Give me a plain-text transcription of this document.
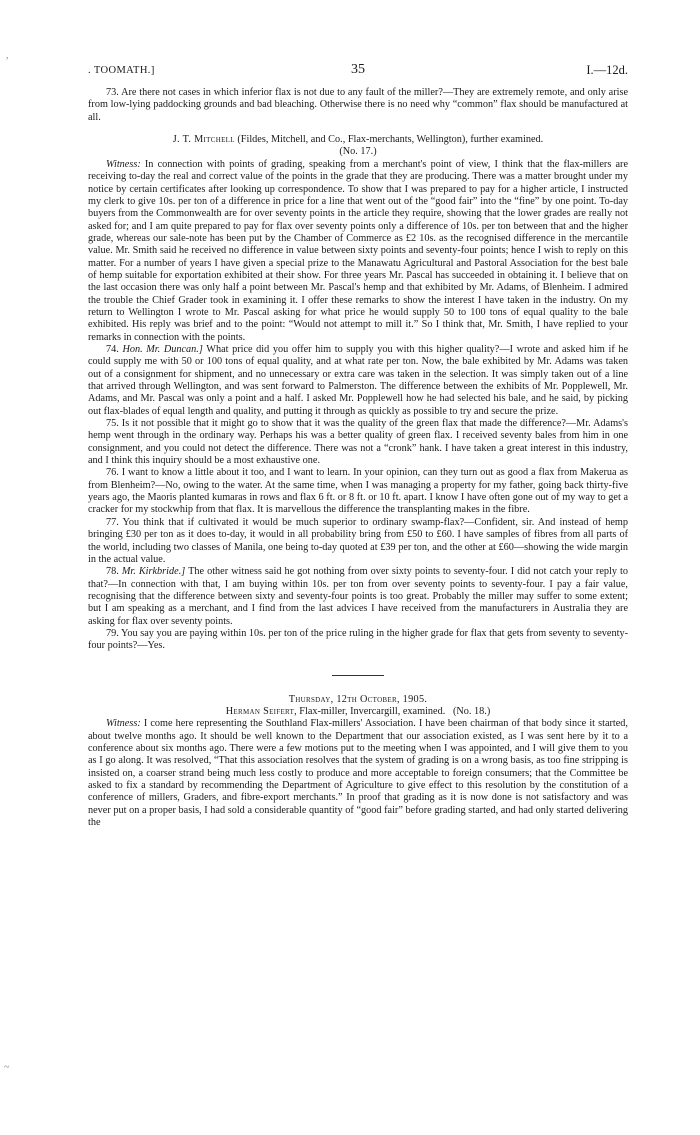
,
~
. TOOMATH.]	35	I.—12d.

73. Are there not cases in which inferior flax is not due to any fault of the miller?—They are extremely remote, and only arise from low-lying paddocking grounds and bad bleaching. Otherwise there is no need why “common” flax should be manufactured at all.

J. T. Mitchell (Fildes, Mitchell, and Co., Flax-merchants, Wellington), further examined.

(No. 17.)

Witness: In connection with points of grading, speaking from a merchant's point of view, I think that the flax-millers are receiving to-day the real and correct value of the points in the grade that they are producing. There was a matter brought under my notice by certain certificates after looking up correspondence. To show that I was prepared to pay for a higher article, I instructed my clerk to give 10s. per ton of a difference in price for a line that went out of the “good fair” into the “fine” by one point. To-day buyers from the Commonwealth are for over seventy points in the article they require, showing that the lower grades are really not asked for; and I am quite prepared to pay for flax over seventy points only a difference of 10s. per ton between that and the higher grade, whereas our sale-note has been put by the Chamber of Commerce as £2 10s. as the recognised difference in the mercantile value. Mr. Smith said he received no difference in value between sixty points and seventy-four points; hence I wish to reply on this matter. For a number of years I have given a special prize to the Manawatu Agricultural and Pastoral Association for the best bale of hemp suitable for exportation exhibited at their show. For three years Mr. Pascal has succeeded in obtaining it. I believe that on the last occasion there was only half a point between Mr. Pascal's hemp and that exhibited by Mr. Adams, of Blenheim. I admired the trouble the Chief Grader took in examining it. I offer these remarks to show the interest I have taken in the industry. On my return to Wellington I wrote to Mr. Pascal asking for what price he would supply 50 to 100 tons of equal quality to the bale exhibited. His reply was brief and to the point: “Would not attempt to mill it.” So I think that, Mr. Smith, I have replied to your remarks in connection with the points.

74. Hon. Mr. Duncan.] What price did you offer him to supply you with this higher quality?—I wrote and asked him if he could supply me with 50 or 100 tons of equal quality, and at what rate per ton. Now, the bale exhibited by Mr. Adams was taken out of a consignment for shipment, and no unnecessary or extra care was taken in the selection. It was simply taken out of a line that arrived through Wellington, and was sent forward to Palmerston. The difference between the exhibits of Mr. Popplewell, Mr. Adams, and Mr. Pascal was only a point and a half. I asked Mr. Popplewell how he had selected his bale, and he said, by picking out flax-blades of equal length and quality, and putting it through as quickly as possible to try and secure the prize.

75. Is it not possible that it might go to show that it was the quality of the green flax that made the difference?—Mr. Adams's hemp went through in the ordinary way. Perhaps his was a better quality of green flax. I received seventy bales from him in one consignment, and you could not detect the difference. There was not a “cronk” hank. I have taken a great interest in this industry, and I think this inquiry should be a most exhaustive one.

76. I want to know a little about it too, and I want to learn. In your opinion, can they turn out as good a flax from Makerua as from Blenheim?—No, owing to the water. At the same time, when I was managing a property for my father, going back thirty-five years ago, the Maoris planted kumaras in rows and flax 6 ft. or 8 ft. or 10 ft. apart. I know I have often gone out of my way to get a cracker for my stockwhip from that flax. It is marvellous the difference the transplanting makes in the fibre.

77. You think that if cultivated it would be much superior to ordinary swamp-flax?—Confident, sir. And instead of hemp bringing £30 per ton as it does to-day, it would in all probability bring from £50 to £60. I have samples of fibres from all parts of the world, including two classes of Manila, one being to-day quoted at £39 per ton, and the other at £60—showing the wide margin in the actual value.

78. Mr. Kirkbride.] The other witness said he got nothing from over sixty points to seventy-four. I did not catch your reply to that?—In connection with that, I am buying within 10s. per ton from over seventy points to seventy-four. I pay a fair value, recognising that the difference between sixty and seventy-four points is too great. Probably the miller may suffer to some extent; but I am speaking as a merchant, and I find from the last advices I have received from the manufacturers in Australia they are asking for flax over seventy points.

79. You say you are paying within 10s. per ton of the price ruling in the higher grade for flax that gets from seventy to seventy-four points?—Yes.

Thursday, 12th October, 1905.

Herman Seifert, Flax-miller, Invercargill, examined. (No. 18.)

Witness: I come here representing the Southland Flax-millers' Association. I have been chairman of that body since it started, about twelve months ago. It should be well known to the Department that our association existed, as I was sent here by it to a conference about six months ago. There were a few motions put to the meeting when I was appointed, and I will give them to you as I go along. It was resolved, “That this association resolves that the system of grading is on a wrong basis, as too fine stripping is insisted on, a coarser strand being much less costly to produce and more acceptable to foreign consumers; that the Committee be asked to fix a standard by recommending the Department of Agriculture to give effect to this resolution by the constitution of a conference of millers, Graders, and fibre-export merchants.” In proof that grading as it is now done is not satisfactory and was never put on a proper basis, I had sold a considerable quantity of “good fair” before grading started, and had only started delivering the
